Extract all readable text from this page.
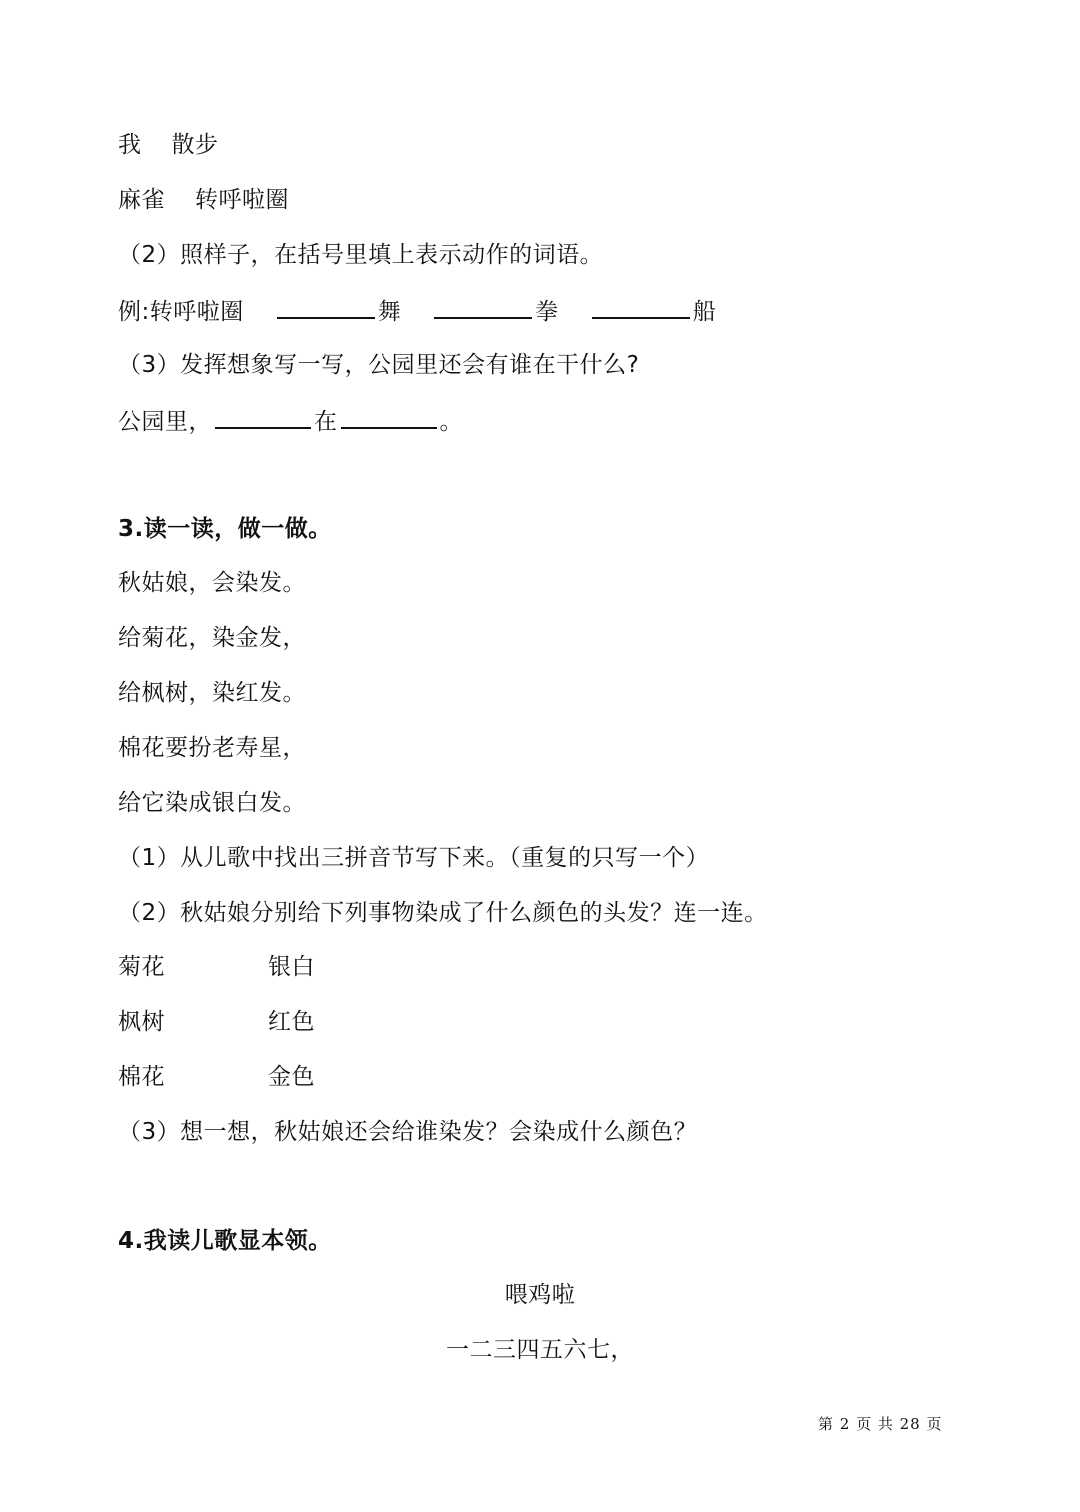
我 散步
麻雀 转呼啦圈
（2）照样子，在括号里填上表示动作的词语。
例:转呼啦圈	舞	拳	船
（3）发挥想象写一写，公园里还会有谁在干什么?
公园里，	在	。
3.读一读，做一做。
秋姑娘，会染发。
给菊花，染金发，
给枫树，染红发。
棉花要扮老寿星，
给它染成银白发。
（1）从儿歌中找出三拼音节写下来。（重复的只写一个）
（2）秋姑娘分别给下列事物染成了什么颜色的头发？连一连。
菊花	银白
枫树	红色
棉花	金色
（3）想一想，秋姑娘还会给谁染发？会染成什么颜色？
4.我读儿歌显本领。
喂鸡啦
一二三四五六七，
第 2 页 共 28 页
